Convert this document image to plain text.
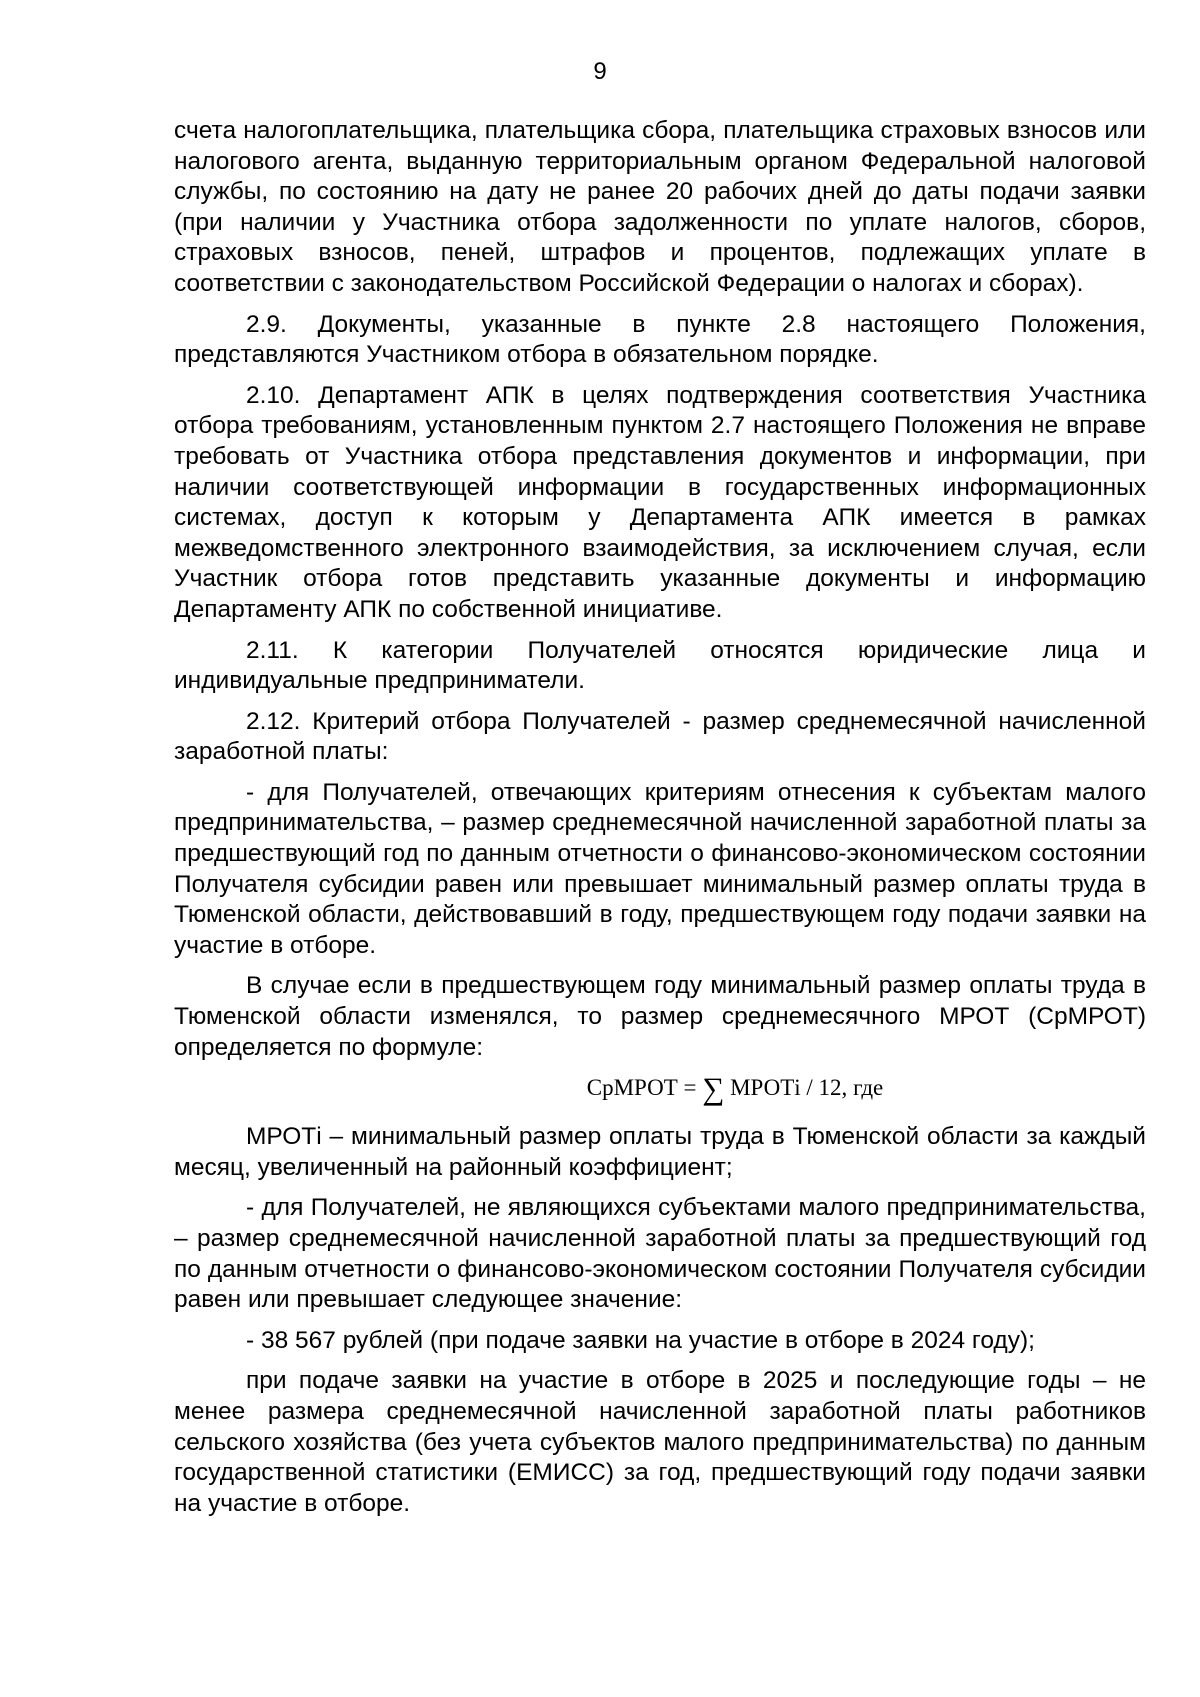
9

счета налогоплательщика, плательщика сбора, плательщика страховых взносов или налогового агента, выданную территориальным органом Федеральной налоговой службы, по состоянию на дату не ранее 20 рабочих дней до даты подачи заявки (при наличии у Участника отбора задолженности по уплате налогов, сборов, страховых взносов, пеней, штрафов и процентов, подлежащих уплате в соответствии с законодательством Российской Федерации о налогах и сборах).

2.9. Документы, указанные в пункте 2.8 настоящего Положения, представляются Участником отбора в обязательном порядке.

2.10. Департамент АПК в целях подтверждения соответствия Участника отбора требованиям, установленным пунктом 2.7 настоящего Положения не вправе требовать от Участника отбора представления документов и информации, при наличии соответствующей информации в государственных информационных системах, доступ к которым у Департамента АПК имеется в рамках межведомственного электронного взаимодействия, за исключением случая, если Участник отбора готов представить указанные документы и информацию Департаменту АПК по собственной инициативе.

2.11. К категории Получателей относятся юридические лица и индивидуальные предприниматели.

2.12. Критерий отбора Получателей - размер среднемесячной начисленной заработной платы:

- для Получателей, отвечающих критериям отнесения к субъектам малого предпринимательства, – размер среднемесячной начисленной заработной платы за предшествующий год по данным отчетности о финансово-экономическом состоянии Получателя субсидии равен или превышает минимальный размер оплаты труда в Тюменской области, действовавший в году, предшествующем году подачи заявки на участие в отборе.

В случае если в предшествующем году минимальный размер оплаты труда в Тюменской области изменялся, то размер среднемесячного МРОТ (СрМРОТ) определяется по формуле:

СрМРОТ = ∑ МРОТi / 12, где

МРОТi – минимальный размер оплаты труда в Тюменской области за каждый месяц, увеличенный на районный коэффициент;

- для Получателей, не являющихся субъектами малого предпринимательства, – размер среднемесячной начисленной заработной платы за предшествующий год по данным отчетности о финансово-экономическом состоянии Получателя субсидии равен или превышает следующее значение:

- 38 567 рублей (при подаче заявки на участие в отборе в 2024 году);

при подаче заявки на участие в отборе в 2025 и последующие годы – не менее размера среднемесячной начисленной заработной платы работников сельского хозяйства (без учета субъектов малого предпринимательства) по данным государственной статистики (ЕМИСС) за год, предшествующий году подачи заявки на участие в отборе.
